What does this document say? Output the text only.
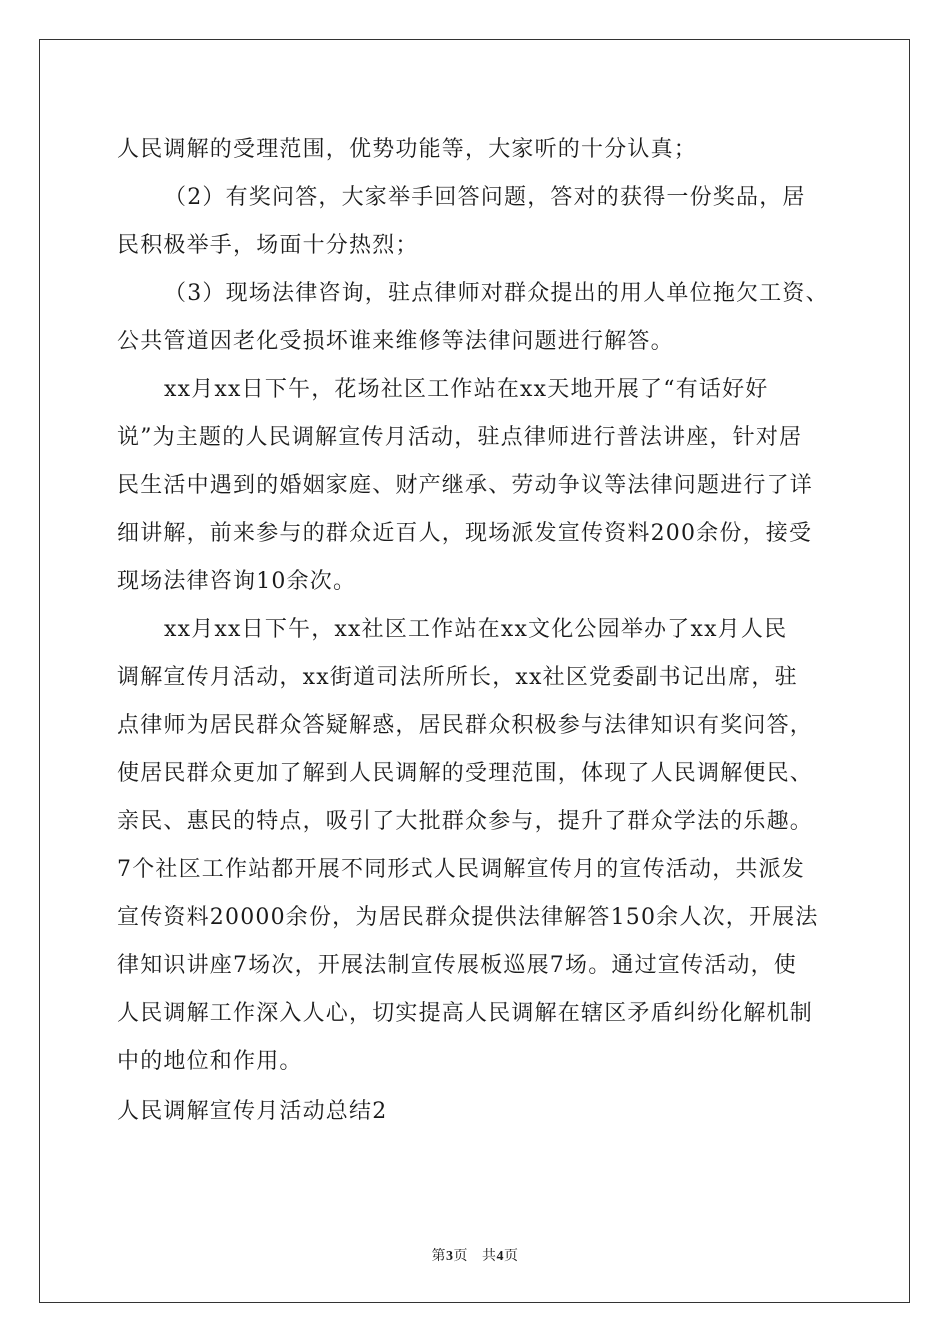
人民调解的受理范围，优势功能等，大家听的十分认真；
（2）有奖问答，大家举手回答问题，答对的获得一份奖品，居
民积极举手，场面十分热烈；
（3）现场法律咨询，驻点律师对群众提出的用人单位拖欠工资、
公共管道因老化受损坏谁来维修等法律问题进行解答。
xx月xx日下午，花场社区工作站在xx天地开展了“有话好好
说”为主题的人民调解宣传月活动，驻点律师进行普法讲座，针对居
民生活中遇到的婚姻家庭、财产继承、劳动争议等法律问题进行了详
细讲解，前来参与的群众近百人，现场派发宣传资料200余份，接受
现场法律咨询10余次。
xx月xx日下午，xx社区工作站在xx文化公园举办了xx月人民
调解宣传月活动，xx街道司法所所长，xx社区党委副书记出席，驻
点律师为居民群众答疑解惑，居民群众积极参与法律知识有奖问答，
使居民群众更加了解到人民调解的受理范围，体现了人民调解便民、
亲民、惠民的特点，吸引了大批群众参与，提升了群众学法的乐趣。
7个社区工作站都开展不同形式人民调解宣传月的宣传活动，共派发
宣传资料20000余份，为居民群众提供法律解答150余人次，开展法
律知识讲座7场次，开展法制宣传展板巡展7场。通过宣传活动，使
人民调解工作深入人心，切实提高人民调解在辖区矛盾纠纷化解机制
中的地位和作用。
人民调解宣传月活动总结2
第3页 共4页
